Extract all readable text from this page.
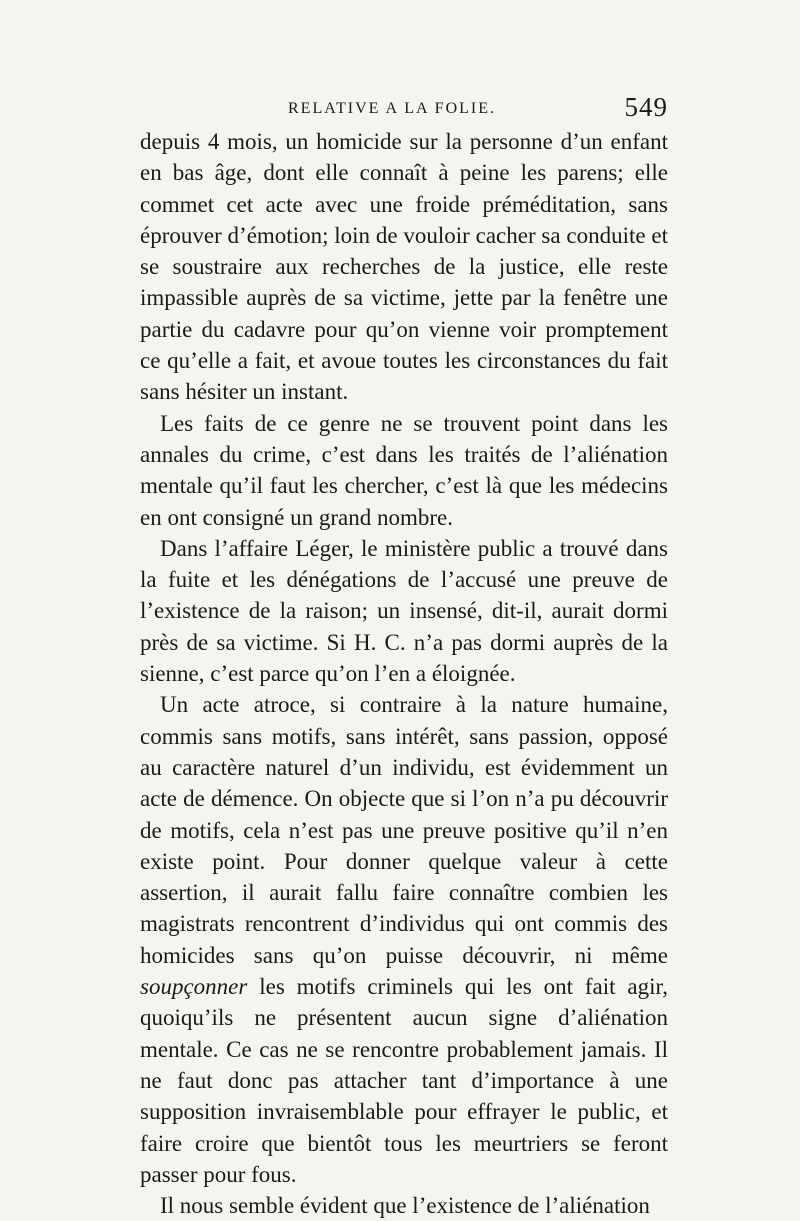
RELATIVE A LA FOLIE.	549

depuis 4 mois, un homicide sur la personne d’un enfant en bas âge, dont elle connaît à peine les parens; elle commet cet acte avec une froide préméditation, sans éprouver d’émotion; loin de vouloir cacher sa conduite et se soustraire aux recherches de la justice, elle reste impassible auprès de sa victime, jette par la fenêtre une partie du cadavre pour qu’on vienne voir promptement ce qu’elle a fait, et avoue toutes les circonstances du fait sans hésiter un instant.

Les faits de ce genre ne se trouvent point dans les annales du crime, c’est dans les traités de l’aliénation mentale qu’il faut les chercher, c’est là que les médecins en ont consigné un grand nombre.

Dans l’affaire Léger, le ministère public a trouvé dans la fuite et les dénégations de l’accusé une preuve de l’existence de la raison; un insensé, dit-il, aurait dormi près de sa victime. Si H. C. n’a pas dormi auprès de la sienne, c’est parce qu’on l’en a éloignée.

Un acte atroce, si contraire à la nature humaine, commis sans motifs, sans intérêt, sans passion, opposé au caractère naturel d’un individu, est évidemment un acte de démence. On objecte que si l’on n’a pu découvrir de motifs, cela n’est pas une preuve positive qu’il n’en existe point. Pour donner quelque valeur à cette assertion, il aurait fallu faire connaître combien les magistrats rencontrent d’individus qui ont commis des homicides sans qu’on puisse découvrir, ni même soupçonner les motifs criminels qui les ont fait agir, quoiqu’ils ne présentent aucun signe d’aliénation mentale. Ce cas ne se rencontre probablement jamais. Il ne faut donc pas attacher tant d’importance à une supposition invraisemblable pour effrayer le public, et faire croire que bientôt tous les meurtriers se feront passer pour fous.

Il nous semble évident que l’existence de l’aliénation
